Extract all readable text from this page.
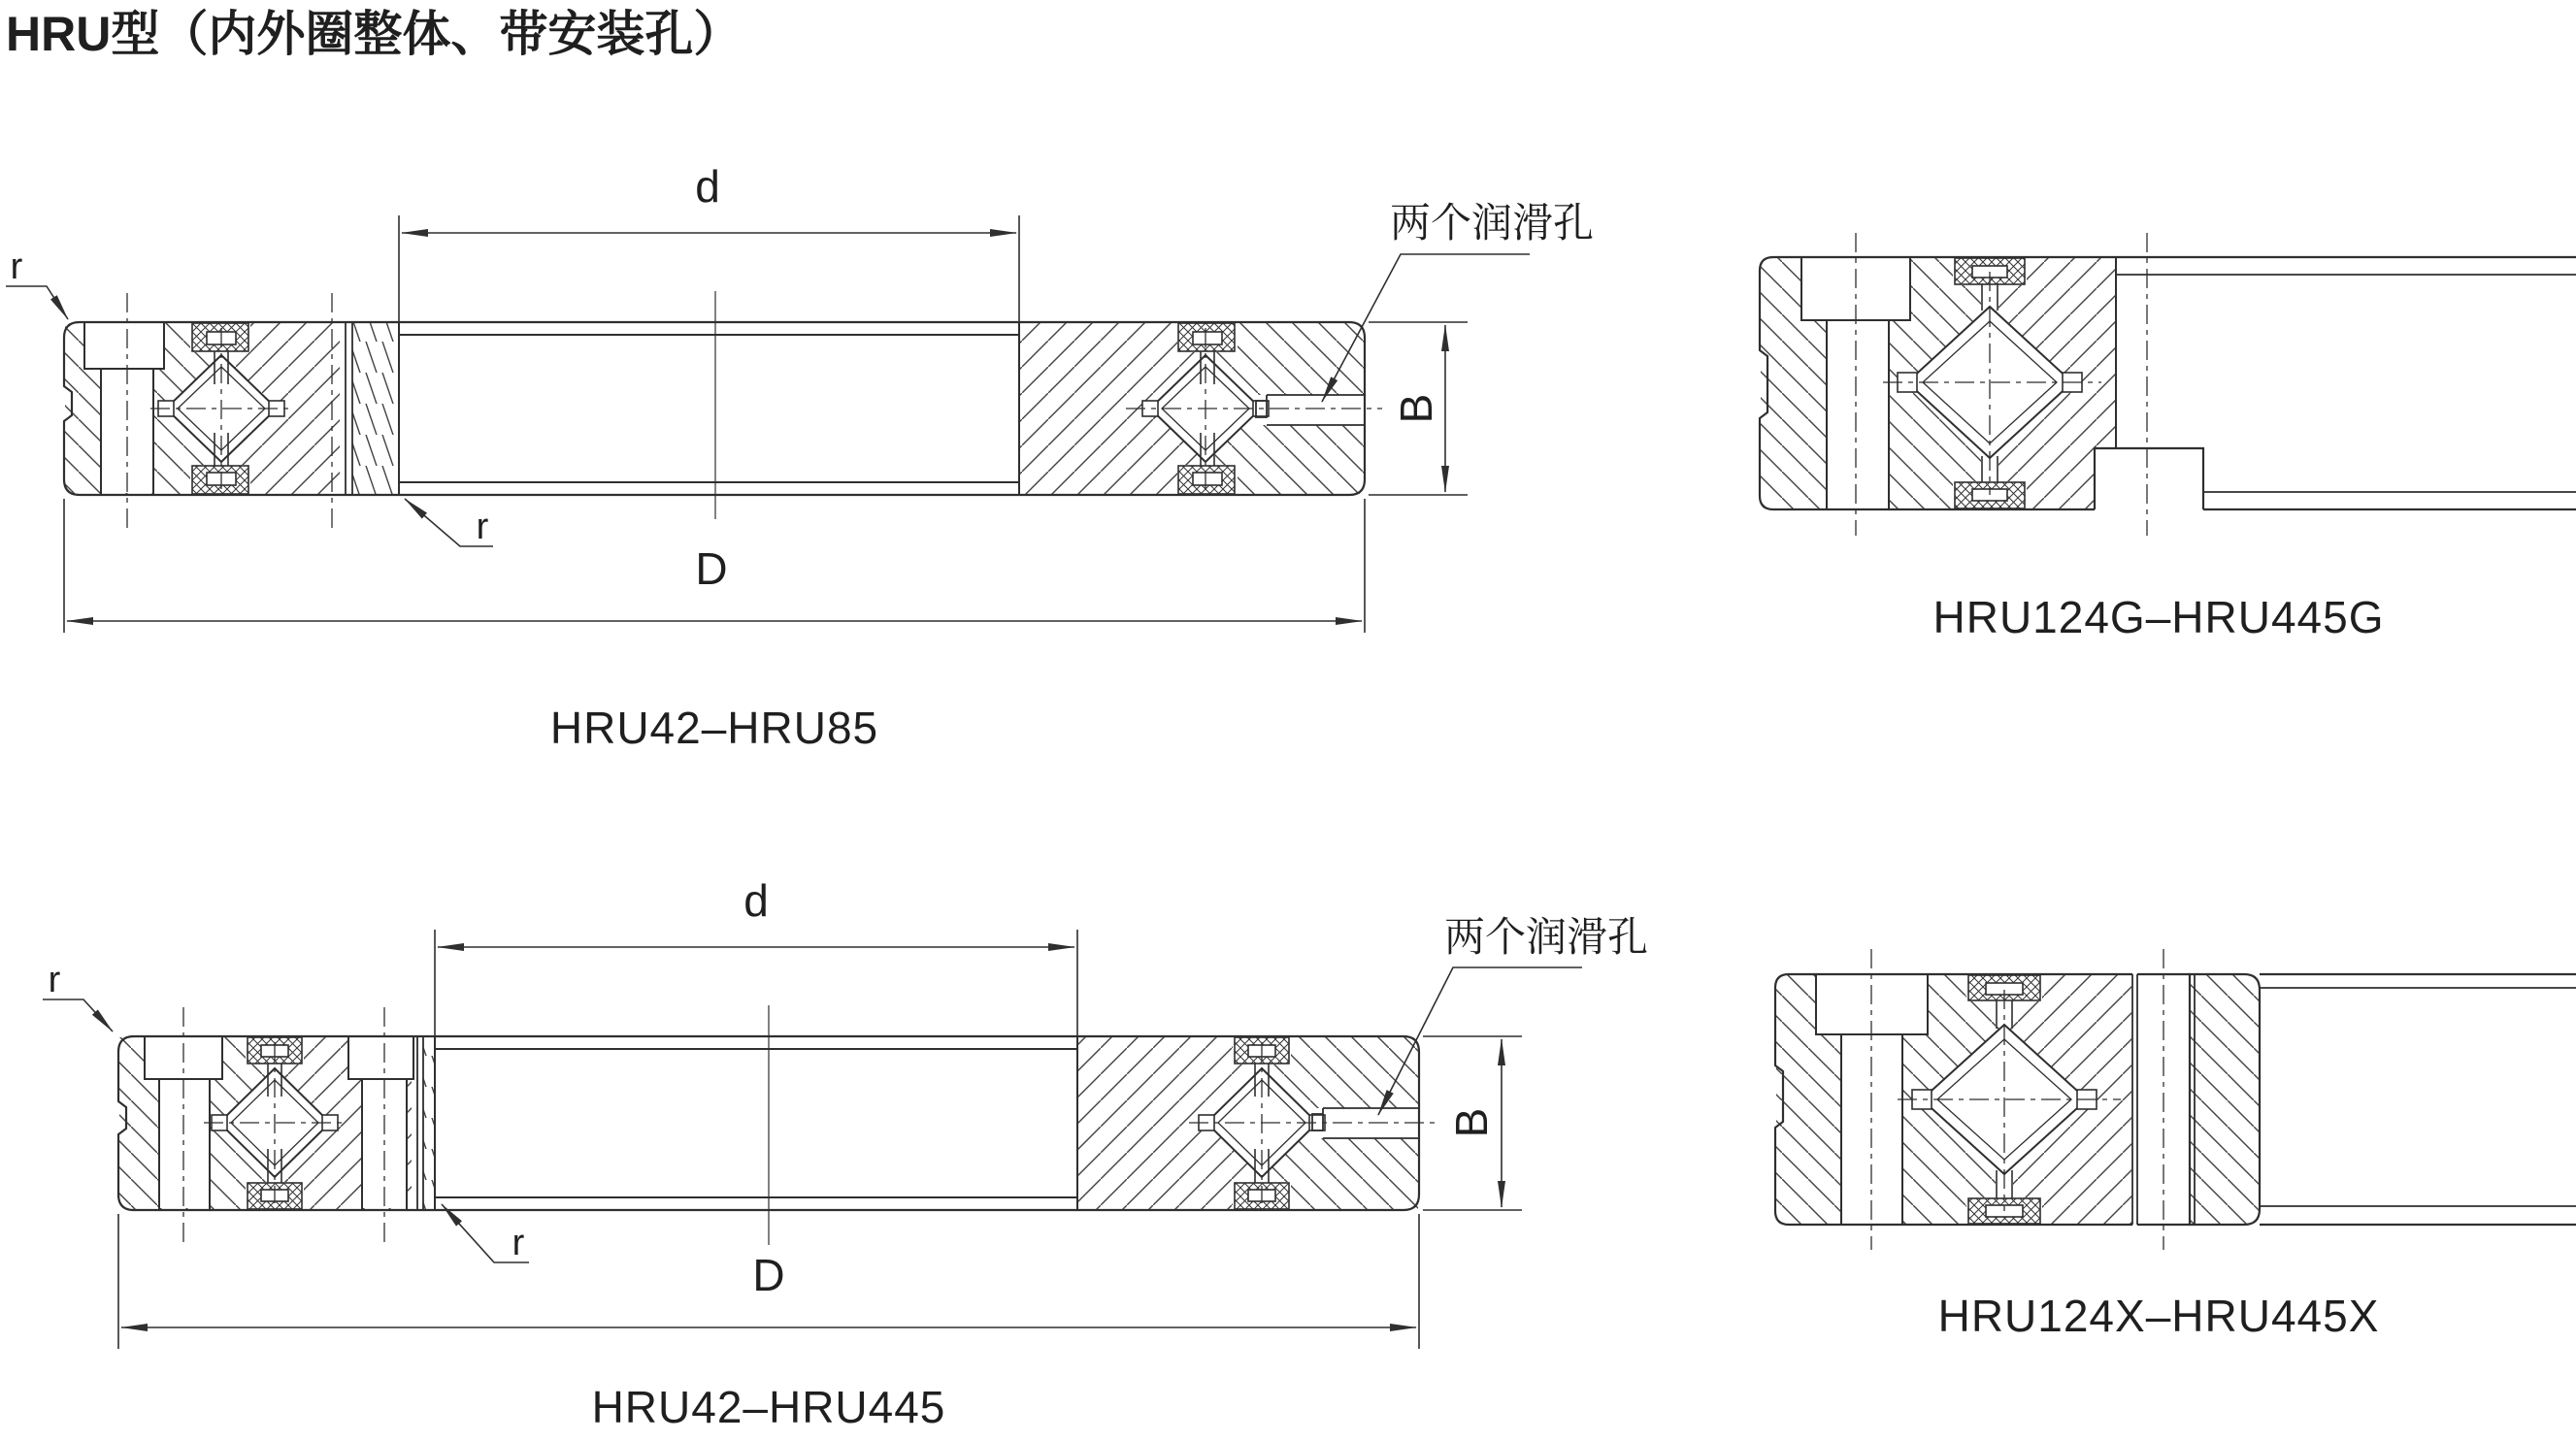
HRU型（内外圈整体、带安装孔）
d
D
B
r
r
两个润滑孔
HRU42–HRU85
d
D
B
r
r
两个润滑孔
HRU42–HRU445
HRU124G–HRU445G
HRU124X–HRU445X
